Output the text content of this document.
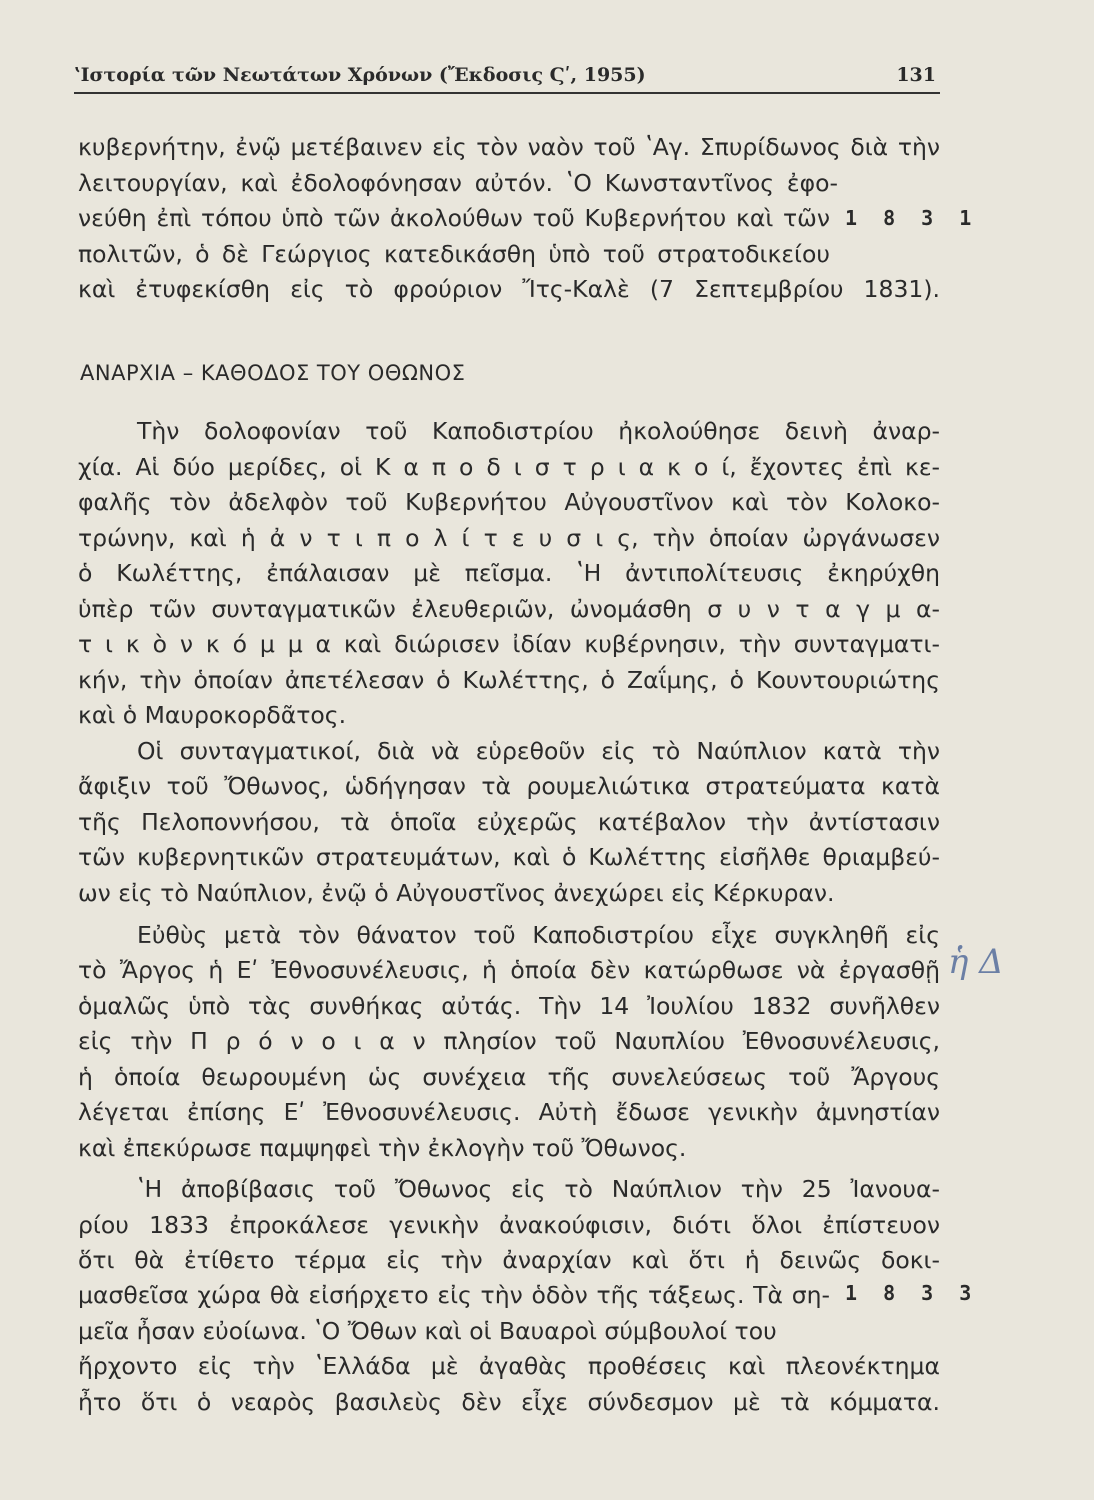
ʽΙστορία τῶν Νεωτάτων Χρόνων (Ἔκδοσις Ϛʹ, 1955)	131
κυβερνήτην, ἐνῷ μετέβαινεν εἰς τὸν ναὸν τοῦ ʽΑγ. Σπυρίδωνος διὰ τὴν
λειτουργίαν, καὶ ἐδολοφόνησαν αὐτόν. ʽΟ Κωνσταντῖνος ἐφο-
νεύθη ἐπὶ τόπου ὑπὸ τῶν ἀκολούθων τοῦ Κυβερνήτου καὶ τῶν 1 8 3 1
πολιτῶν, ὁ δὲ Γεώργιος κατεδικάσθη ὑπὸ τοῦ στρατοδικείου
καὶ ἐτυφεκίσθη εἰς τὸ φρούριον Ἴτς-Καλὲ (7 Σεπτεμβρίου 1831).
ΑΝΑΡΧΙΑ – ΚΑΘΟΔΟΣ ΤΟΥ ΟΘΩΝΟΣ
Τὴν δολοφονίαν τοῦ Καποδιστρίου ἠκολούθησε δεινὴ ἀναρ-
χία. Αἱ δύο μερίδες, οἱ Κ α π ο δ ι σ τ ρ ι α κ ο ί, ἔχοντες ἐπὶ κε-
φαλῆς τὸν ἀδελφὸν τοῦ Κυβερνήτου Αὐγουστῖνον καὶ τὸν Κολοκο-
τρώνην, καὶ ἡ ἀ ν τ ι π ο λ ί τ ε υ σ ι ς, τὴν ὁποίαν ὠργάνωσεν
ὁ Κωλέττης, ἐπάλαισαν μὲ πεῖσμα. ʽΗ ἀντιπολίτευσις ἐκηρύχθη
ὑπὲρ τῶν συνταγματικῶν ἐλευθεριῶν, ὠνομάσθη σ υ ν τ α γ μ α-
τ ι κ ὸ ν κ ό μ μ α καὶ διώρισεν ἰδίαν κυβέρνησιν, τὴν συνταγματι-
κήν, τὴν ὁποίαν ἀπετέλεσαν ὁ Κωλέττης, ὁ Ζαΐμης, ὁ Κουντουριώτης
καὶ ὁ Μαυροκορδᾶτος.
Οἱ συνταγματικοί, διὰ νὰ εὑρεθοῦν εἰς τὸ Ναύπλιον κατὰ τὴν
ἄφιξιν τοῦ Ὄθωνος, ὡδήγησαν τὰ ρουμελιώτικα στρατεύματα κατὰ
τῆς Πελοποννήσου, τὰ ὁποῖα εὐχερῶς κατέβαλον τὴν ἀντίστασιν
τῶν κυβερνητικῶν στρατευμάτων, καὶ ὁ Κωλέττης εἰσῆλθε θριαμβεύ-
ων εἰς τὸ Ναύπλιον, ἐνῷ ὁ Αὐγουστῖνος ἀνεχώρει εἰς Κέρκυραν.
Εὐθὺς μετὰ τὸν θάνατον τοῦ Καποδιστρίου εἶχε συγκληθῆ εἰς
τὸ Ἄργος ἡ Εʹ Ἐθνοσυνέλευσις, ἡ ὁποία δὲν κατώρθωσε νὰ ἐργασθῇ ἡ Δ
ὁμαλῶς ὑπὸ τὰς συνθήκας αὐτάς. Τὴν 14 Ἰουλίου 1832 συνῆλθεν
εἰς τὴν Π ρ ό ν ο ι α ν πλησίον τοῦ Ναυπλίου Ἐθνοσυνέλευσις,
ἡ ὁποία θεωρουμένη ὡς συνέχεια τῆς συνελεύσεως τοῦ Ἄργους
λέγεται ἐπίσης Εʹ Ἐθνοσυνέλευσις. Αὐτὴ ἔδωσε γενικὴν ἀμνηστίαν
καὶ ἐπεκύρωσε παμψηφεὶ τὴν ἐκλογὴν τοῦ Ὄθωνος.
ʽΗ ἀποβίβασις τοῦ Ὄθωνος εἰς τὸ Ναύπλιον τὴν 25 Ἰανουα-
ρίου 1833 ἐπροκάλεσε γενικὴν ἀνακούφισιν, διότι ὅλοι ἐπίστευον
ὅτι θὰ ἐτίθετο τέρμα εἰς τὴν ἀναρχίαν καὶ ὅτι ἡ δεινῶς δοκι-
μασθεῖσα χώρα θὰ εἰσήρχετο εἰς τὴν ὁδὸν τῆς τάξεως. Τὰ ση- 1 8 3 3
μεῖα ἦσαν εὐοίωνα. ʽΟ Ὄθων καὶ οἱ Βαυαροὶ σύμβουλοί του
ἤρχοντο εἰς τὴν ʽΕλλάδα μὲ ἀγαθὰς προθέσεις καὶ πλεονέκτημα
ἦτο ὅτι ὁ νεαρὸς βασιλεὺς δὲν εἶχε σύνδεσμον μὲ τὰ κόμματα.
